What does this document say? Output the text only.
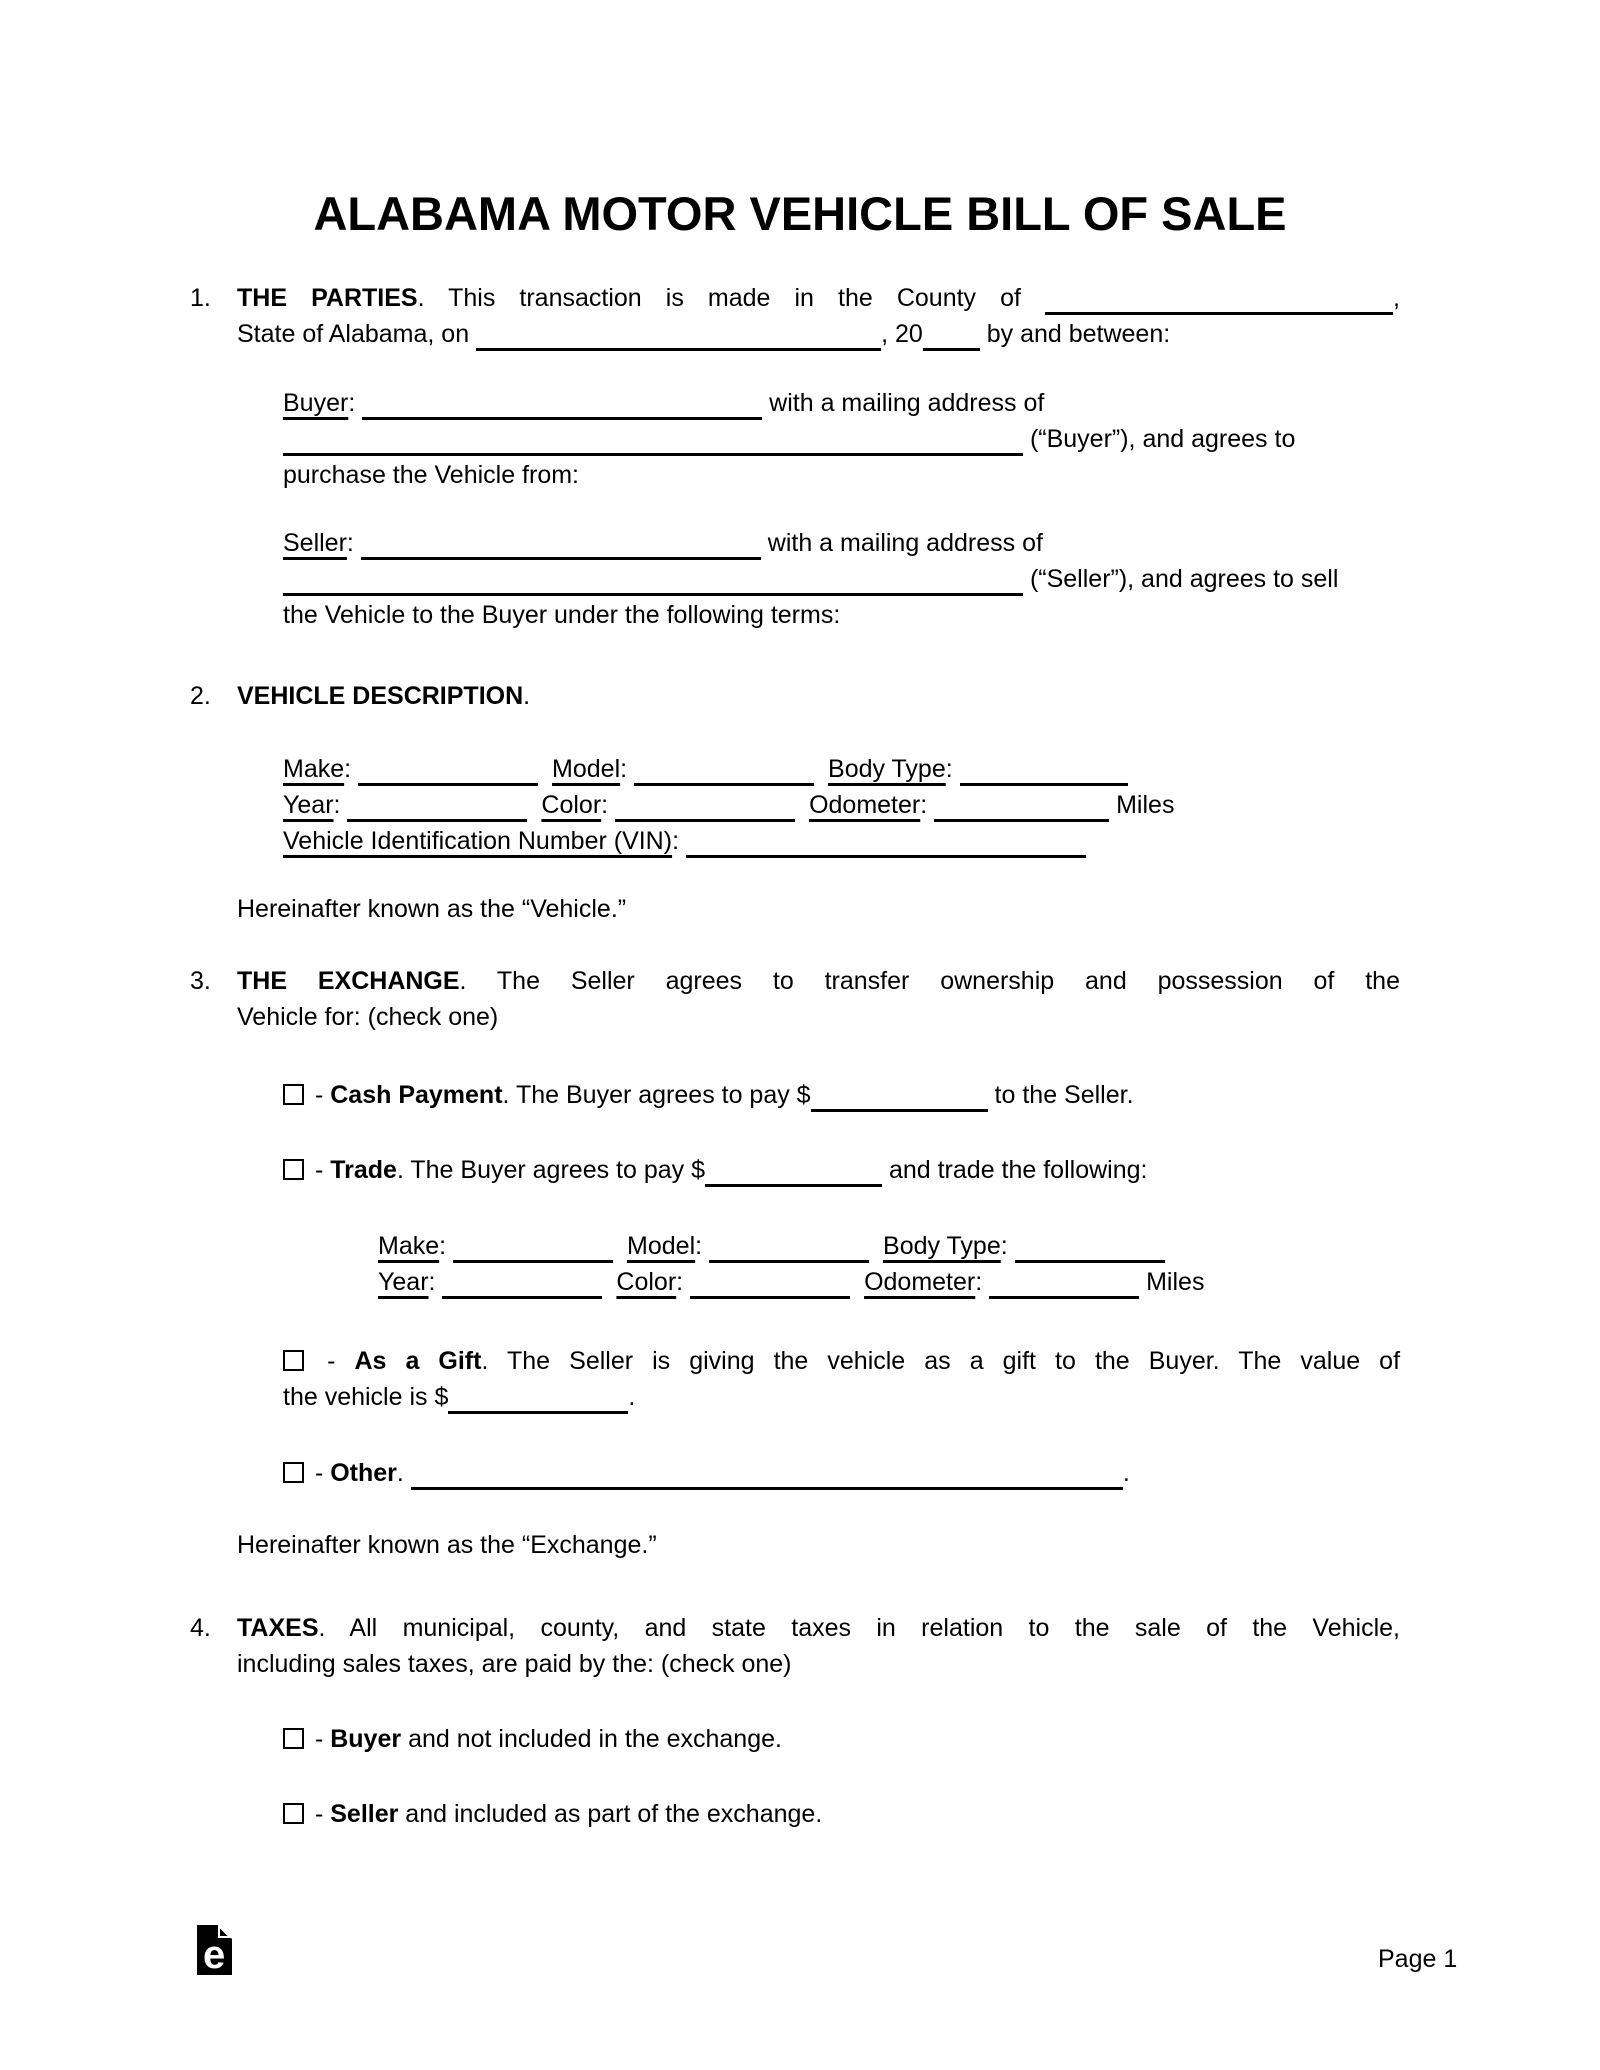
ALABAMA MOTOR VEHICLE BILL OF SALE
1. THE PARTIES. This transaction is made in the County of	,
State of Alabama, on	, 20	by and between:
Buyer:	with a mailing address of
(“Buyer”), and agrees to
purchase the Vehicle from:
Seller:	with a mailing address of
(“Seller”), and agrees to sell
the Vehicle to the Buyer under the following terms:
2. VEHICLE DESCRIPTION.
Make:	Model:	Body Type:
Year:	Color:	Odometer:	Miles
Vehicle Identification Number (VIN):
Hereinafter known as the “Vehicle.”
3. THE EXCHANGE. The Seller agrees to transfer ownership and possession of the
Vehicle for: (check one)
- Cash Payment. The Buyer agrees to pay $	to the Seller.
- Trade. The Buyer agrees to pay $	and trade the following:
Make:	Model:	Body Type:
Year:	Color:	Odometer:	Miles
- As a Gift. The Seller is giving the vehicle as a gift to the Buyer. The value of
the vehicle is $	.
- Other.	.
Hereinafter known as the “Exchange.”
4. TAXES. All municipal, county, and state taxes in relation to the sale of the Vehicle,
including sales taxes, are paid by the: (check one)
- Buyer and not included in the exchange.
- Seller and included as part of the exchange.
e	Page 1
